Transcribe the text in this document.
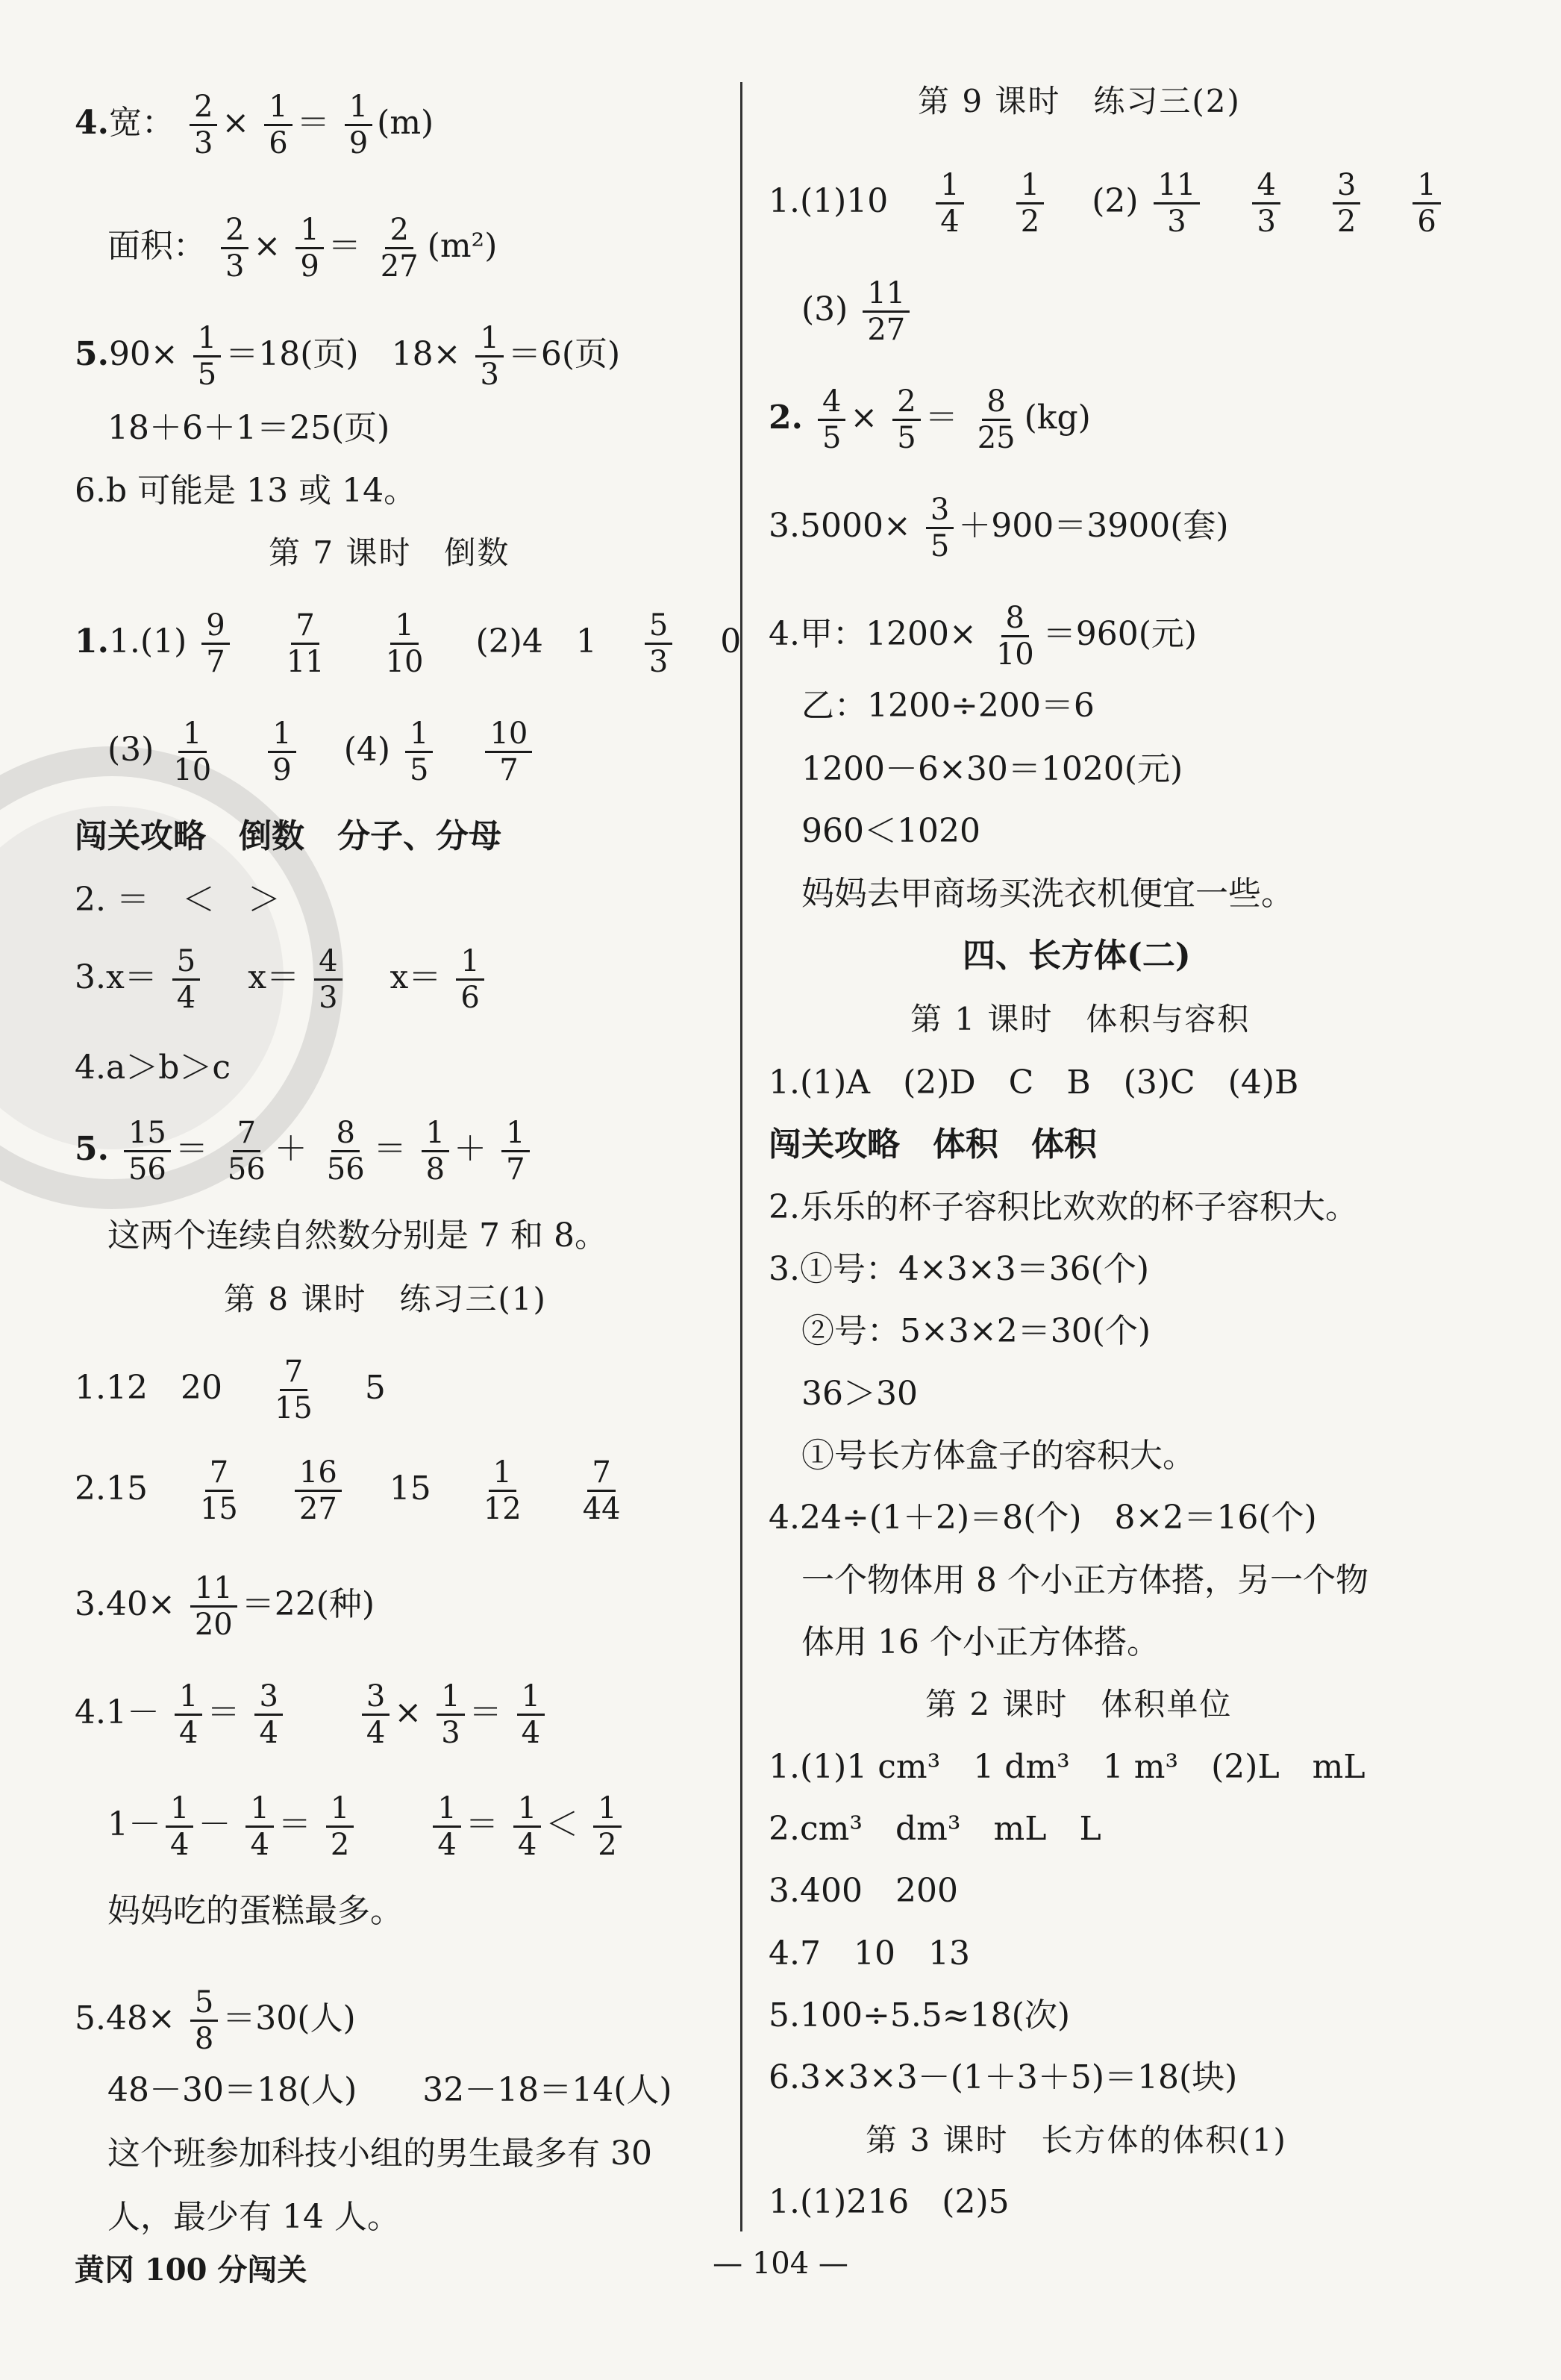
4.宽： $\frac{2}{3} \times \frac{1}{6} = \frac{1}{9} (m)$
面积： $\frac{2}{3} \times \frac{1}{9} = \frac{2}{27} (m^2)$
$5.90\times \frac{1}{5} =18$(页) $18\times \frac{1}{3} =6$(页)
18＋6＋1＝25(页)
6.b 可能是 13 或 14。
第 7 课时　倒数
$1.1.(1) \frac{9}{7}$
$\frac{7}{11}$
$\frac{1}{10} (2)4$　$1 \frac{5}{3} 0$
$(3) \frac{1}{10}$
$\frac{1}{9} (4) \frac{1}{5}$
$\frac{10}{7}$
闯关攻略　倒数　分子、分母
2. ＝　＜　＞
$3.x= \frac{5}{4} x= \frac{4}{3} x= \frac{1}{6}$
4.a＞b＞c
5. $\frac{15}{56} = \frac{7}{56} + \frac{8}{56} = \frac{1}{8} + \frac{1}{7}$
这两个连续自然数分别是 7 和 8。
第 8 课时　练习三(1)
1.12　$20 \frac{7}{15} 5$
$2.15 \frac{7}{15}$
$\frac{16}{27} 15 \frac{1}{12}$
$\frac{7}{44}$
$3.40\times \frac{11}{20} =22$(种)
$4.1- \frac{1}{4} = \frac{3}{4}$
	$\frac{3}{4} \times \frac{1}{3} = \frac{1}{4}$
$1- \frac{1}{4} - \frac{1}{4} = \frac{1}{2}$
	$\frac{1}{4} = \frac{1}{4} < \frac{1}{2}$
妈妈吃的蛋糕最多。
$5.48\times \frac{5}{8} =30$(人)
48－30＝18(人)　　32－18＝14(人)
这个班参加科技小组的男生最多有 30
人，最少有 14 人。
第 9 课时　练习三(2)
$1.(1)10 \frac{1}{4}$
$\frac{1}{2} (2) \frac{11}{3}$
$\frac{4}{3}$
$\frac{3}{2}$
$\frac{1}{6}$
$(3) \frac{11}{27}$
2. $\frac{4}{5} \times \frac{2}{5} = \frac{8}{25} (kg)$
$3.5000\times \frac{3}{5} +900=3900$(套)
4.甲：$1200\times \frac{8}{10} =960$(元)
乙：1200÷200＝6
1200－6×30＝1020(元)
960＜1020
妈妈去甲商场买洗衣机便宜一些。
四、长方体(二)
第 1 课时　体积与容积
1.(1)A　(2)D　C　B　(3)C　(4)B
闯关攻略　体积　体积
2.乐乐的杯子容积比欢欢的杯子容积大。
3.①号：4×3×3＝36(个)
②号：5×3×2＝30(个)
36＞30
①号长方体盒子的容积大。
4.24÷(1＋2)＝8(个)　8×2＝16(个)
一个物体用 8 个小正方体搭，另一个物
体用 16 个小正方体搭。
第 2 课时　体积单位
1.(1)1 cm³　1 dm³　1 m³　(2)L　mL
2.cm³　dm³　mL　L
3.400　200
4.7　10　13
5.100÷5.5≈18(次)
6.3×3×3－(1＋3＋5)＝18(块)
第 3 课时　长方体的体积(1)
1.(1)216　(2)5
黄冈 100 分闯关	— 104 —
